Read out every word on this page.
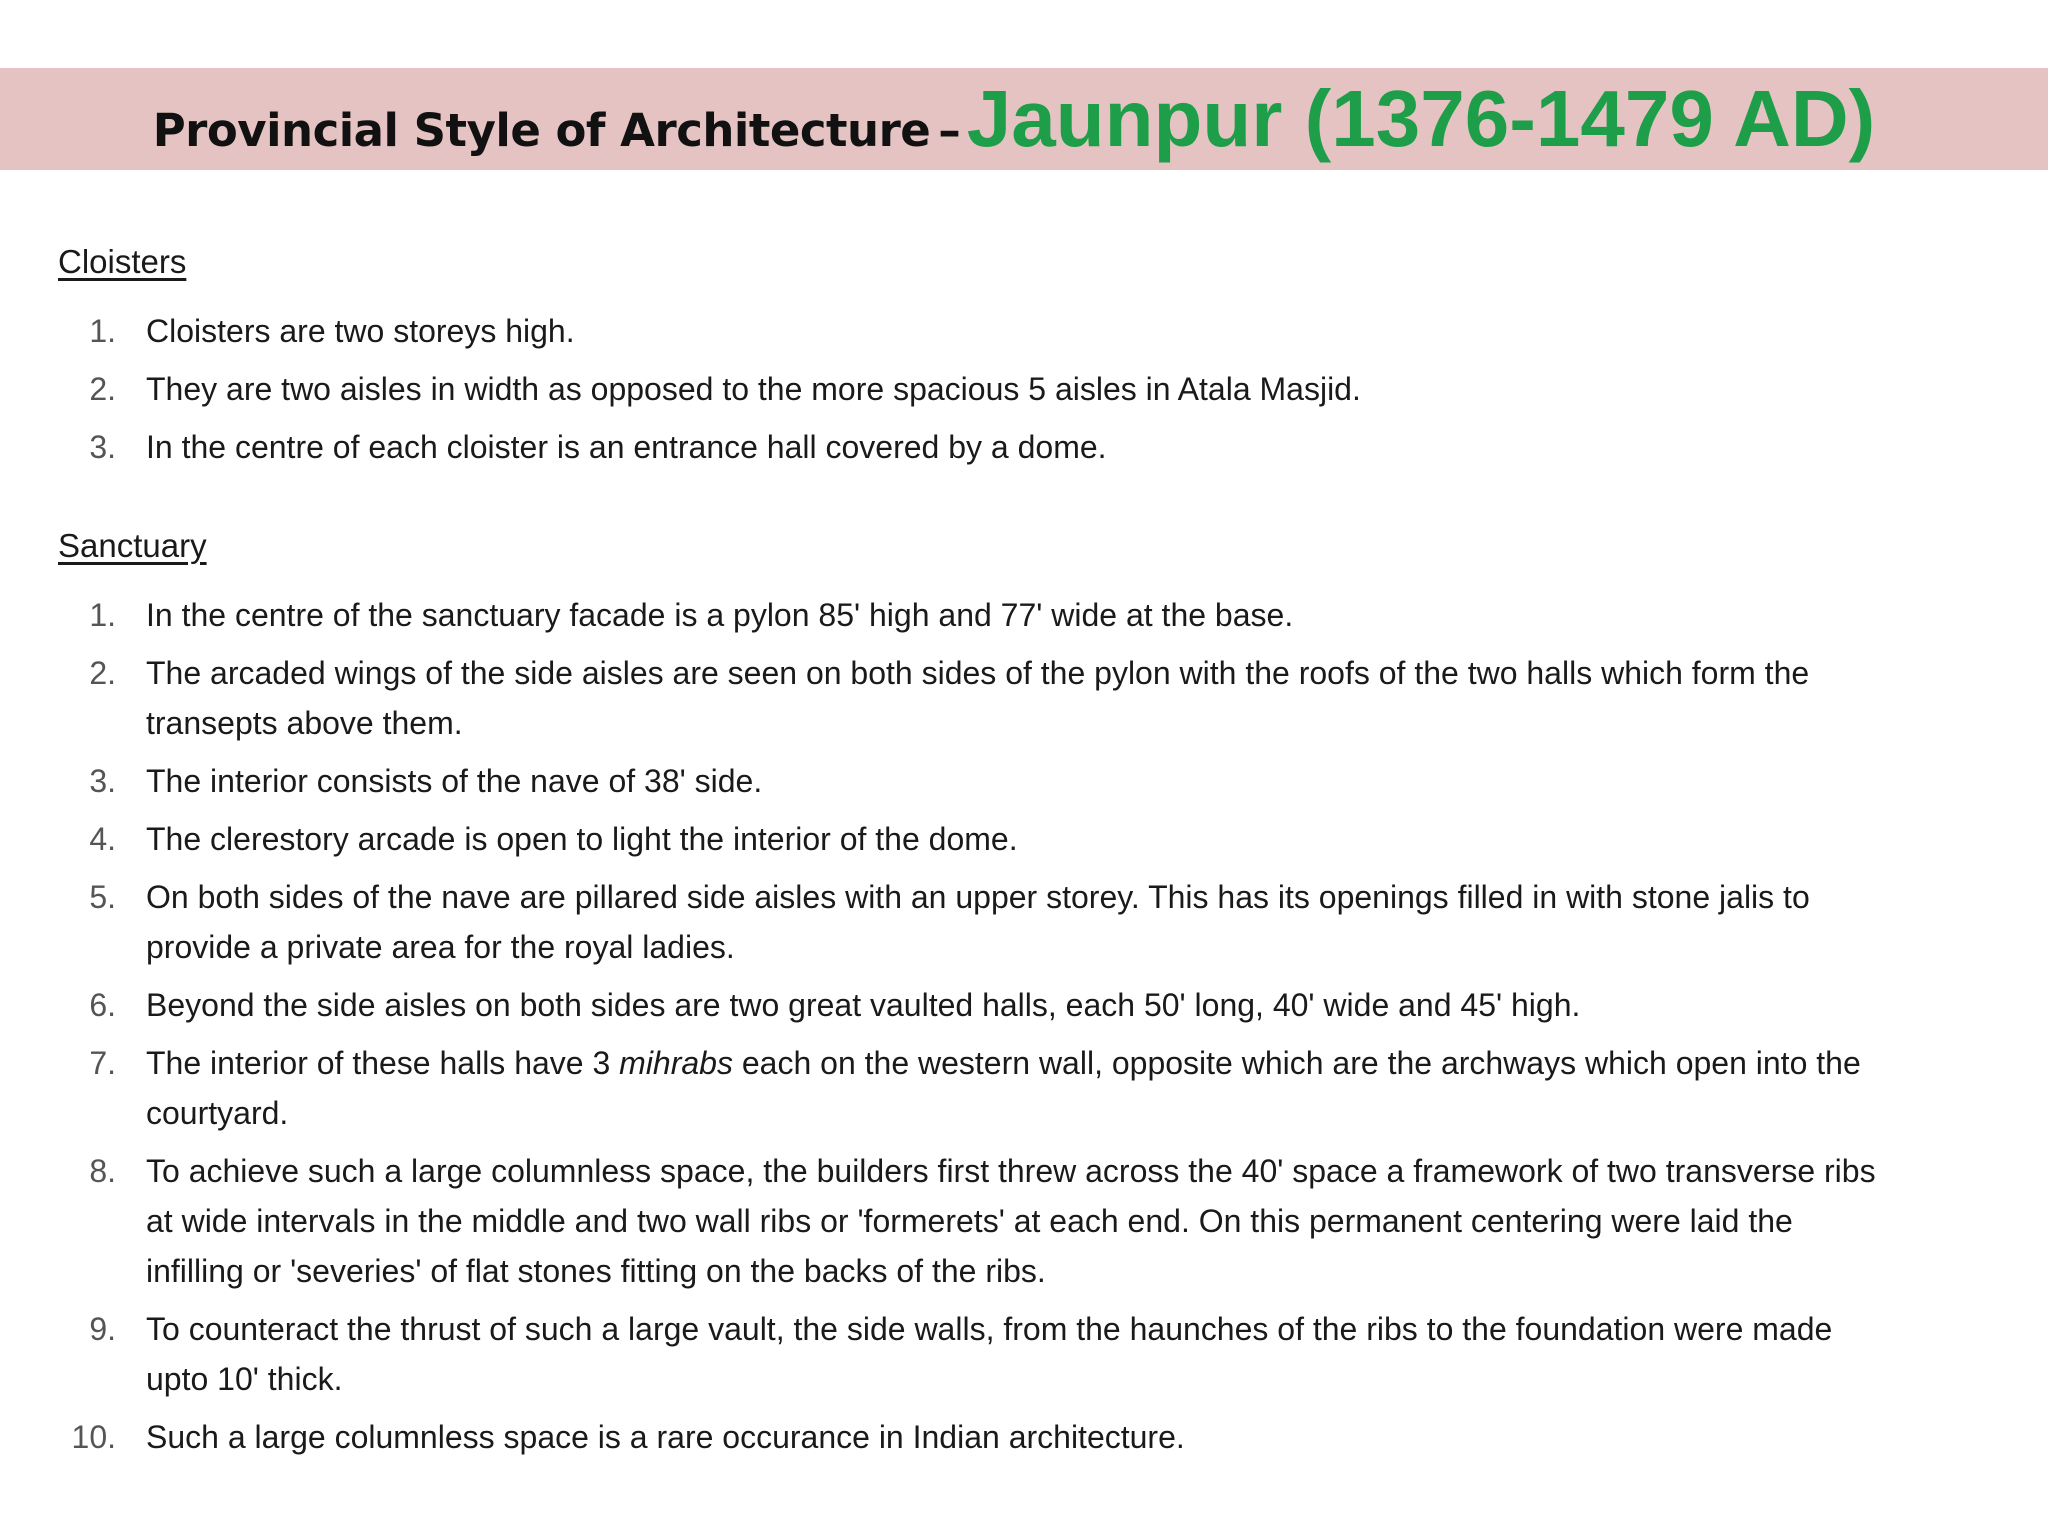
Provincial Style of Architecture – Jaunpur (1376-1479 AD)
Cloisters
1. Cloisters are two storeys high.
2. They are two aisles in width as opposed to the more spacious 5 aisles in Atala Masjid.
3. In the centre of each cloister is an entrance hall covered by a dome.
Sanctuary
1. In the centre of the sanctuary facade is a pylon 85' high and 77' wide at the base.
2. The arcaded wings of the side aisles are seen on both sides of the pylon with the roofs of the two halls which form the transepts above them.
3. The interior consists of the nave of 38' side.
4. The clerestory arcade is open to light the interior of the dome.
5. On both sides of the nave are pillared side aisles with an upper storey. This has its openings filled in with stone jalis to provide a private area for the royal ladies.
6. Beyond the side aisles on both sides are two great vaulted halls, each 50' long, 40' wide and 45' high.
7. The interior of these halls have 3 mihrabs each on the western wall, opposite which are the archways which open into the courtyard.
8. To achieve such a large columnless space, the builders first threw across the 40' space a framework of two transverse ribs at wide intervals in the middle and two wall ribs or 'formerets' at each end. On this permanent centering were laid the infilling or 'severies' of flat stones fitting on the backs of the ribs.
9. To counteract the thrust of such a large vault, the side walls, from the haunches of the ribs to the foundation were made upto 10' thick.
10. Such a large columnless space is a rare occurance in Indian architecture.
